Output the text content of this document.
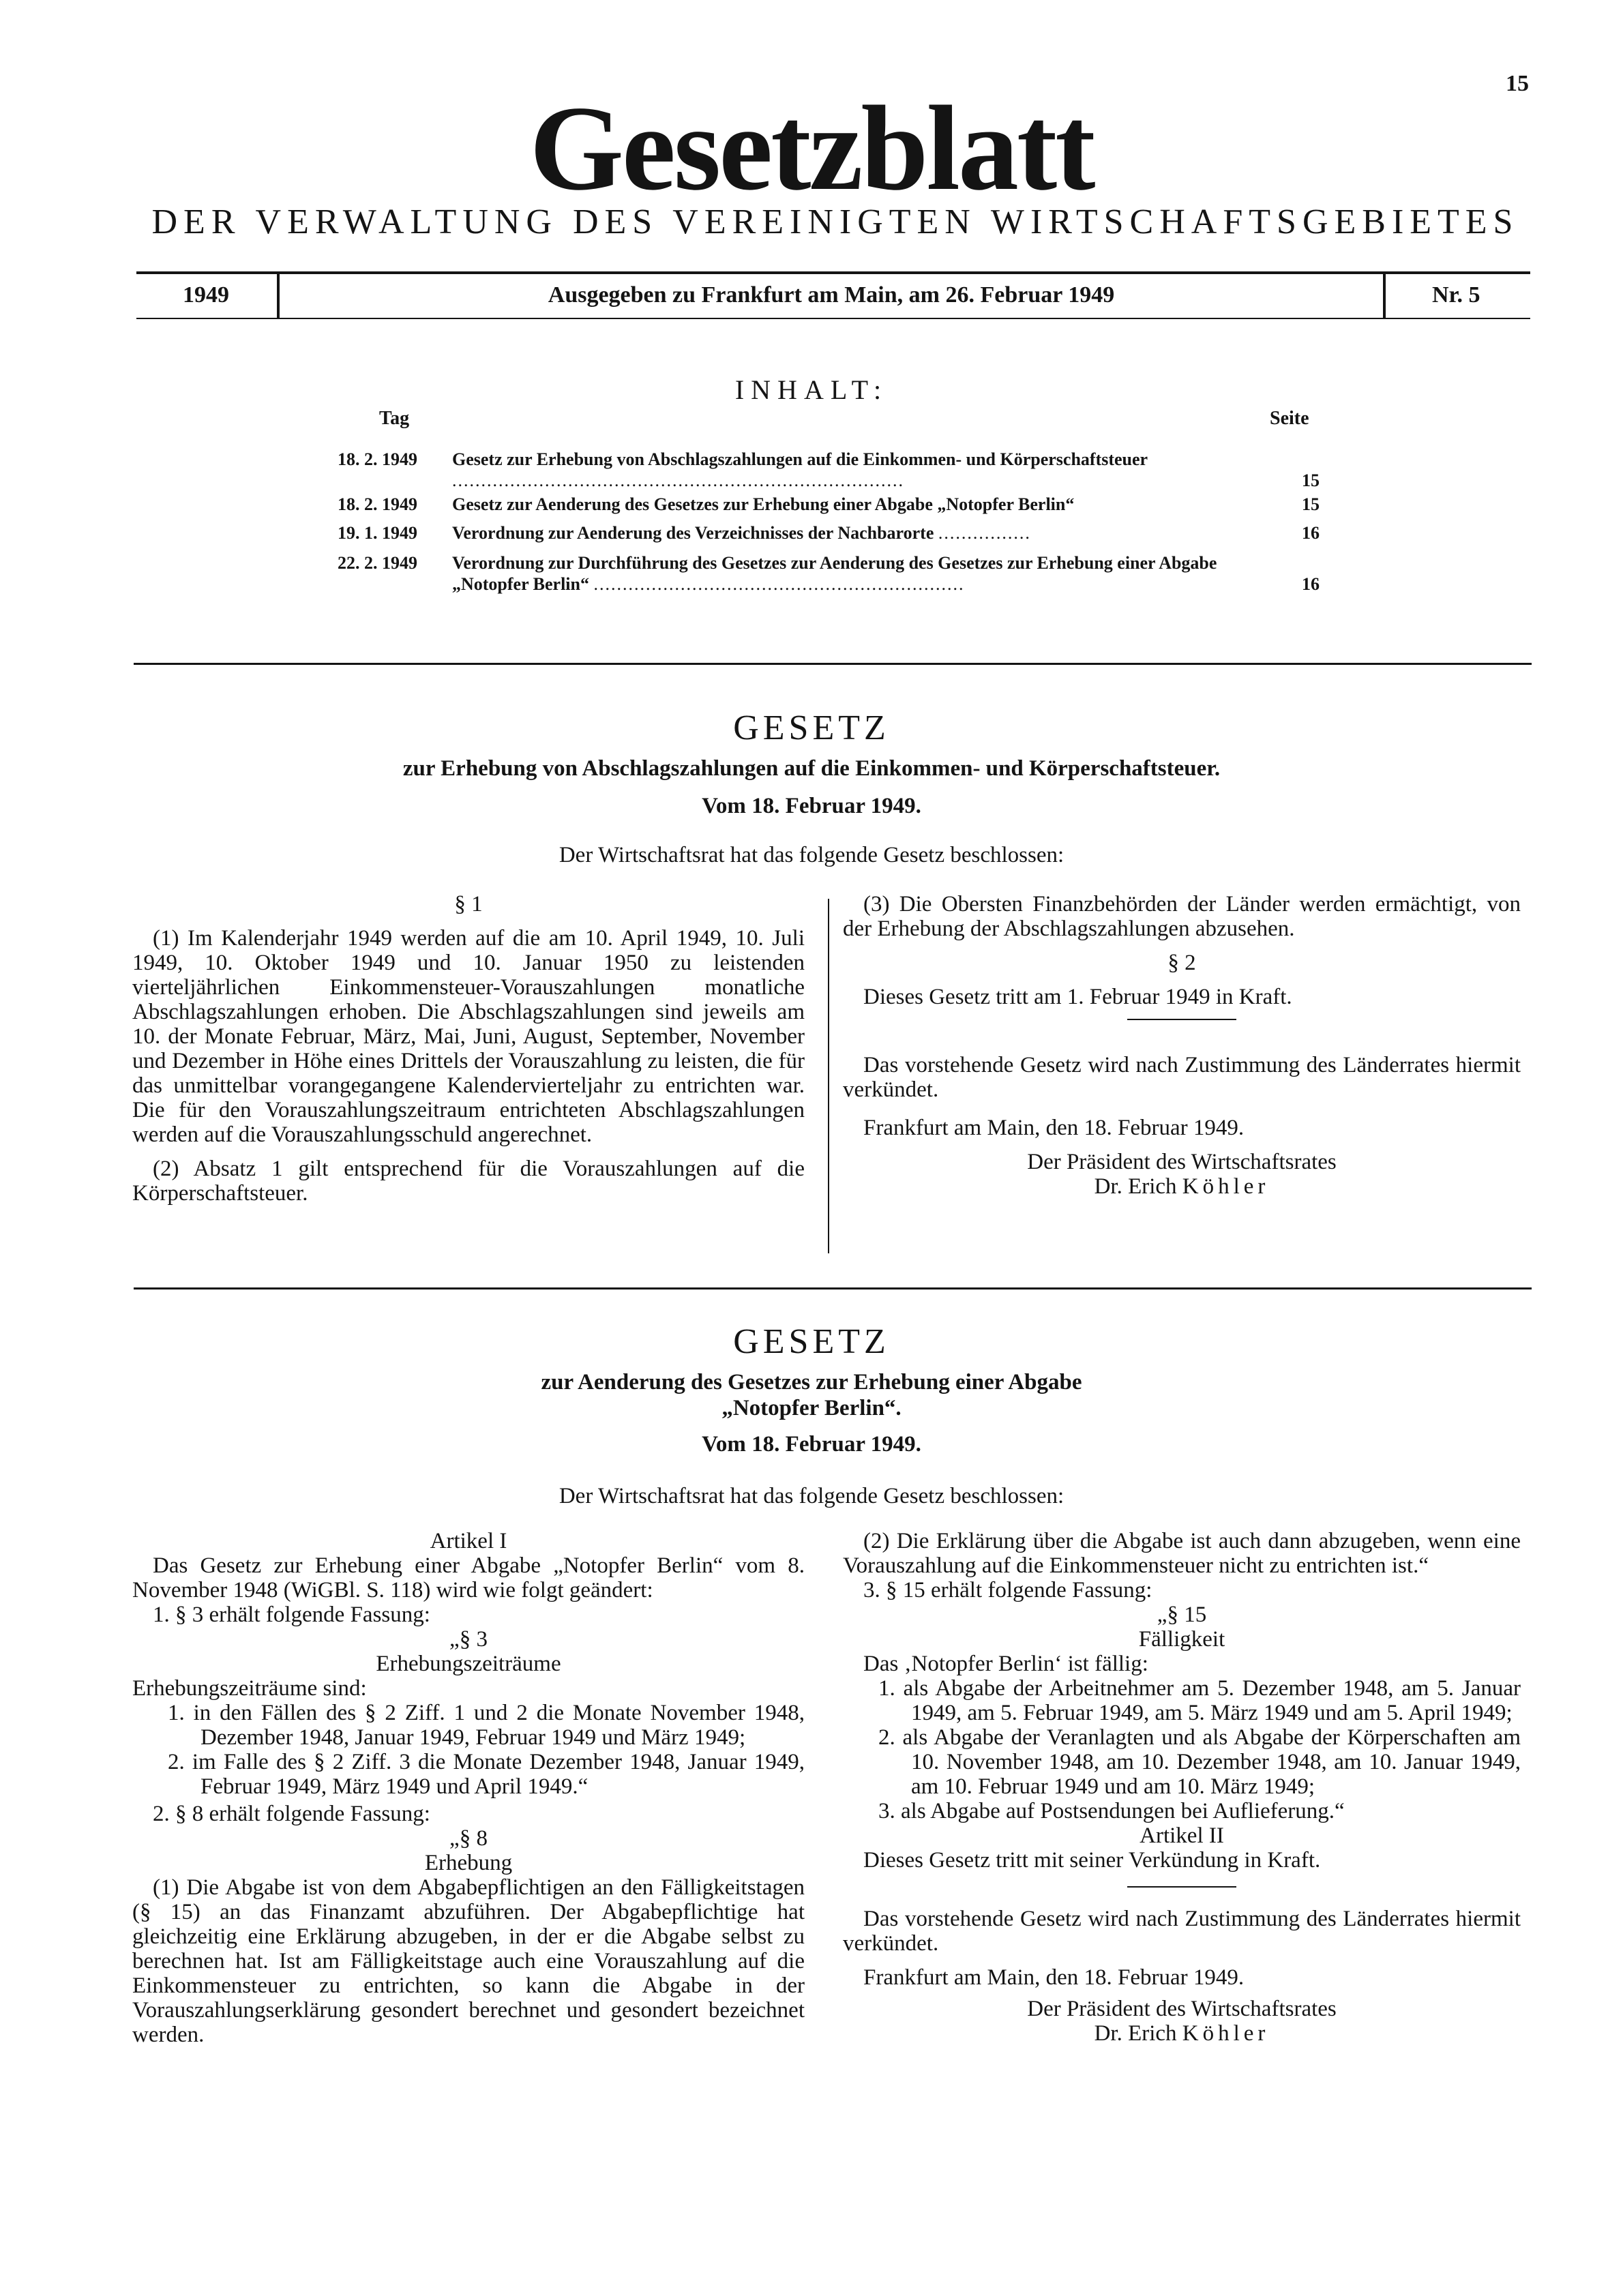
15
Gesetzblatt
DER VERWALTUNG DES VEREINIGTEN WIRTSCHAFTSGEBIETES
1949	Ausgegeben zu Frankfurt am Main, am 26. Februar 1949	Nr. 5
INHALT:
Tag	Seite
18. 2. 1949	Gesetz zur Erhebung von Abschlagszahlungen auf die Einkommen- und Körperschaftsteuer ..............................................................................	15
18. 2. 1949	Gesetz zur Aenderung des Gesetzes zur Erhebung einer Abgabe „Notopfer Berlin“	15
19. 1. 1949	Verordnung zur Aenderung des Verzeichnisses der Nachbarorte ................	16
22. 2. 1949	Verordnung zur Durchführung des Gesetzes zur Aenderung des Gesetzes zur Erhebung einer Abgabe „Notopfer Berlin“ ................................................................	16
GESETZ
zur Erhebung von Abschlagszahlungen auf die Einkommen- und Körperschaftsteuer.
Vom 18. Februar 1949.
Der Wirtschaftsrat hat das folgende Gesetz beschlossen:

§ 1

(1) Im Kalenderjahr 1949 werden auf die am 10. April 1949, 10. Juli 1949, 10. Oktober 1949 und 10. Januar 1950 zu leistenden vierteljährlichen Einkommensteuer-Vorauszahlungen monatliche Abschlagszahlungen erhoben. Die Abschlagszahlungen sind jeweils am 10. der Monate Februar, März, Mai, Juni, August, September, November und Dezember in Höhe eines Drittels der Vorauszahlung zu leisten, die für das unmittelbar vorangegangene Kalendervierteljahr zu entrichten war. Die für den Vorauszahlungszeitraum entrichteten Abschlagszahlungen werden auf die Vorauszahlungsschuld angerechnet.

(2) Absatz 1 gilt entsprechend für die Vorauszahlungen auf die Körperschaftsteuer.

(3) Die Obersten Finanzbehörden der Länder werden ermächtigt, von der Erhebung der Abschlagszahlungen abzusehen.

§ 2

Dieses Gesetz tritt am 1. Februar 1949 in Kraft.

Das vorstehende Gesetz wird nach Zustimmung des Länderrates hiermit verkündet.

Frankfurt am Main, den 18. Februar 1949.

Der Präsident des Wirtschaftsrates

Dr. Erich Köhler

GESETZ
zur Aenderung des Gesetzes zur Erhebung einer Abgabe
„Notopfer Berlin“.
Vom 18. Februar 1949.
Der Wirtschaftsrat hat das folgende Gesetz beschlossen:

Artikel I

Das Gesetz zur Erhebung einer Abgabe „Notopfer Berlin“ vom 8. November 1948 (WiGBl. S. 118) wird wie folgt geändert:

1. § 3 erhält folgende Fassung:

„§ 3

Erhebungszeiträume

Erhebungszeiträume sind:

1. in den Fällen des § 2 Ziff. 1 und 2 die Monate November 1948, Dezember 1948, Januar 1949, Februar 1949 und März 1949;

2. im Falle des § 2 Ziff. 3 die Monate Dezember 1948, Januar 1949, Februar 1949, März 1949 und April 1949.“

2. § 8 erhält folgende Fassung:

„§ 8

Erhebung

(1) Die Abgabe ist von dem Abgabepflichtigen an den Fälligkeitstagen (§ 15) an das Finanzamt abzuführen. Der Abgabepflichtige hat gleichzeitig eine Erklärung abzugeben, in der er die Abgabe selbst zu berechnen hat. Ist am Fälligkeitstage auch eine Vorauszahlung auf die Einkommensteuer zu entrichten, so kann die Abgabe in der Vorauszahlungserklärung gesondert berechnet und gesondert bezeichnet werden.

(2) Die Erklärung über die Abgabe ist auch dann abzugeben, wenn eine Vorauszahlung auf die Einkommensteuer nicht zu entrichten ist.“

3. § 15 erhält folgende Fassung:

„§ 15

Fälligkeit

Das ‚Notopfer Berlin‘ ist fällig:

1. als Abgabe der Arbeitnehmer am 5. Dezember 1948, am 5. Januar 1949, am 5. Februar 1949, am 5. März 1949 und am 5. April 1949;

2. als Abgabe der Veranlagten und als Abgabe der Körperschaften am 10. November 1948, am 10. Dezember 1948, am 10. Januar 1949, am 10. Februar 1949 und am 10. März 1949;

3. als Abgabe auf Postsendungen bei Auflieferung.“

Artikel II

Dieses Gesetz tritt mit seiner Verkündung in Kraft.

Das vorstehende Gesetz wird nach Zustimmung des Länderrates hiermit verkündet.

Frankfurt am Main, den 18. Februar 1949.

Der Präsident des Wirtschaftsrates

Dr. Erich Köhler
